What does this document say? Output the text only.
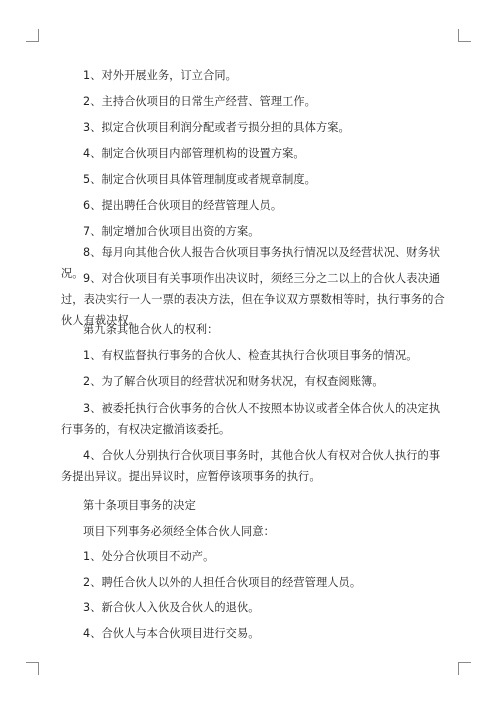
1、对外开展业务，订立合同。

2、主持合伙项目的日常生产经营、管理工作。

3、拟定合伙项目利润分配或者亏损分担的具体方案。

4、制定合伙项目内部管理机构的设置方案。

5、制定合伙项目具体管理制度或者规章制度。

6、提出聘任合伙项目的经营管理人员。

7、制定增加合伙项目出资的方案。

8、每月向其他合伙人报告合伙项目事务执行情况以及经营状况、财务状况。 9、对合伙项目有关事项作出决议时，须经三分之二以上的合伙人表决通过，表决实行一人一票的表决方法，但在争议双方票数相等时，执行事务的合伙人有裁决权。

第九条其他合伙人的权利：

1、有权监督执行事务的合伙人、检查其执行合伙项目事务的情况。

2、为了解合伙项目的经营状况和财务状况，有权查阅账簿。

3、被委托执行合伙事务的合伙人不按照本协议或者全体合伙人的决定执行事务的，有权决定撤消该委托。

4、合伙人分别执行合伙项目事务时，其他合伙人有权对合伙人执行的事务提出异议。提出异议时，应暂停该项事务的执行。

第十条项目事务的决定

项目下列事务必须经全体合伙人同意：

1、处分合伙项目不动产。

2、聘任合伙人以外的人担任合伙项目的经营管理人员。

3、新合伙人入伙及合伙人的退伙。

4、合伙人与本合伙项目进行交易。
